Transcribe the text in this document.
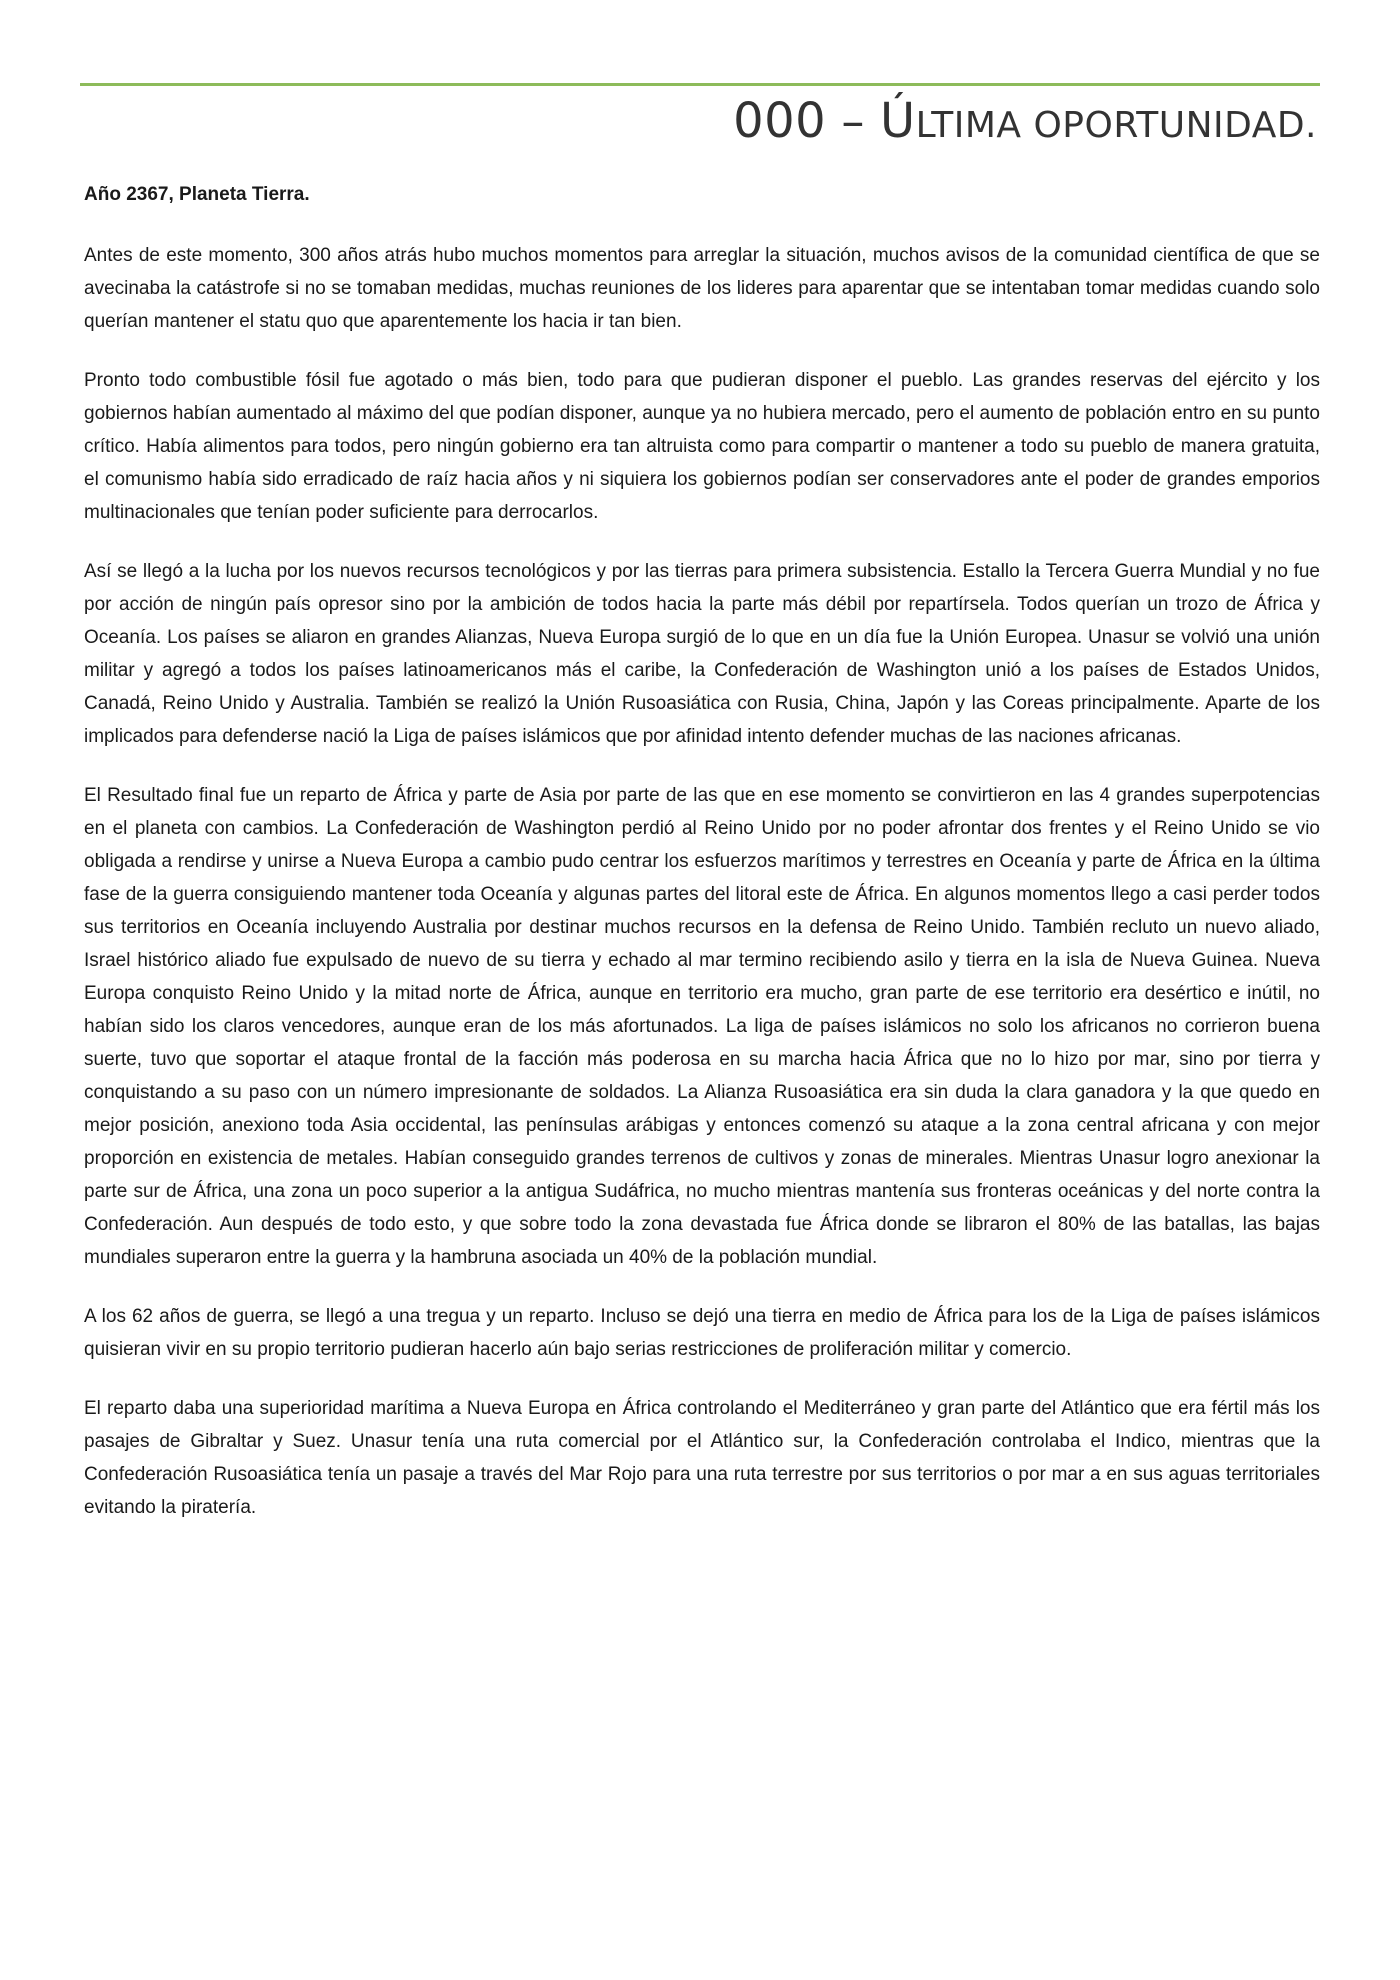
000 – ÚLTIMA OPORTUNIDAD.

Año 2367, Planeta Tierra.

Antes de este momento, 300 años atrás hubo muchos momentos para arreglar la situación, muchos avisos de la comunidad científica de que se avecinaba la catástrofe si no se tomaban medidas, muchas reuniones de los lideres para aparentar que se intentaban tomar medidas cuando solo querían mantener el statu quo que aparentemente los hacia ir tan bien.

Pronto todo combustible fósil fue agotado o más bien, todo para que pudieran disponer el pueblo. Las grandes reservas del ejército y los gobiernos habían aumentado al máximo del que podían disponer, aunque ya no hubiera mercado, pero el aumento de población entro en su punto crítico. Había alimentos para todos, pero ningún gobierno era tan altruista como para compartir o mantener a todo su pueblo de manera gratuita, el comunismo había sido erradicado de raíz hacia años y ni siquiera los gobiernos podían ser conservadores ante el poder de grandes emporios multinacionales que tenían poder suficiente para derrocarlos.

Así se llegó a la lucha por los nuevos recursos tecnológicos y por las tierras para primera subsistencia. Estallo la Tercera Guerra Mundial y no fue por acción de ningún país opresor sino por la ambición de todos hacia la parte más débil por repartírsela. Todos querían un trozo de África y Oceanía. Los países se aliaron en grandes Alianzas, Nueva Europa surgió de lo que en un día fue la Unión Europea. Unasur se volvió una unión militar y agregó a todos los países latinoamericanos más el caribe, la Confederación de Washington unió a los países de Estados Unidos, Canadá, Reino Unido y Australia. También se realizó la Unión Rusoasiática con Rusia, China, Japón y las Coreas principalmente. Aparte de los implicados para defenderse nació la Liga de países islámicos que por afinidad intento defender muchas de las naciones africanas.

El Resultado final fue un reparto de África y parte de Asia por parte de las que en ese momento se convirtieron en las 4 grandes superpotencias en el planeta con cambios. La Confederación de Washington perdió al Reino Unido por no poder afrontar dos frentes y el Reino Unido se vio obligada a rendirse y unirse a Nueva Europa a cambio pudo centrar los esfuerzos marítimos y terrestres en Oceanía y parte de África en la última fase de la guerra consiguiendo mantener toda Oceanía y algunas partes del litoral este de África. En algunos momentos llego a casi perder todos sus territorios en Oceanía incluyendo Australia por destinar muchos recursos en la defensa de Reino Unido. También recluto un nuevo aliado, Israel histórico aliado fue expulsado de nuevo de su tierra y echado al mar termino recibiendo asilo y tierra en la isla de Nueva Guinea. Nueva Europa conquisto Reino Unido y la mitad norte de África, aunque en territorio era mucho, gran parte de ese territorio era desértico e inútil, no habían sido los claros vencedores, aunque eran de los más afortunados. La liga de países islámicos no solo los africanos no corrieron buena suerte, tuvo que soportar el ataque frontal de la facción más poderosa en su marcha hacia África que no lo hizo por mar, sino por tierra y conquistando a su paso con un número impresionante de soldados. La Alianza Rusoasiática era sin duda la clara ganadora y la que quedo en mejor posición, anexiono toda Asia occidental, las penínsulas arábigas y entonces comenzó su ataque a la zona central africana y con mejor proporción en existencia de metales. Habían conseguido grandes terrenos de cultivos y zonas de minerales. Mientras Unasur logro anexionar la parte sur de África, una zona un poco superior a la antigua Sudáfrica, no mucho mientras mantenía sus fronteras oceánicas y del norte contra la Confederación. Aun después de todo esto, y que sobre todo la zona devastada fue África donde se libraron el 80% de las batallas, las bajas mundiales superaron entre la guerra y la hambruna asociada un 40% de la población mundial.

A los 62 años de guerra, se llegó a una tregua y un reparto. Incluso se dejó una tierra en medio de África para los de la Liga de países islámicos quisieran vivir en su propio territorio pudieran hacerlo aún bajo serias restricciones de proliferación militar y comercio.

El reparto daba una superioridad marítima a Nueva Europa en África controlando el Mediterráneo y gran parte del Atlántico que era fértil más los pasajes de Gibraltar y Suez. Unasur tenía una ruta comercial por el Atlántico sur, la Confederación controlaba el Indico, mientras que la Confederación Rusoasiática tenía un pasaje a través del Mar Rojo para una ruta terrestre por sus territorios o por mar a en sus aguas territoriales evitando la piratería.
